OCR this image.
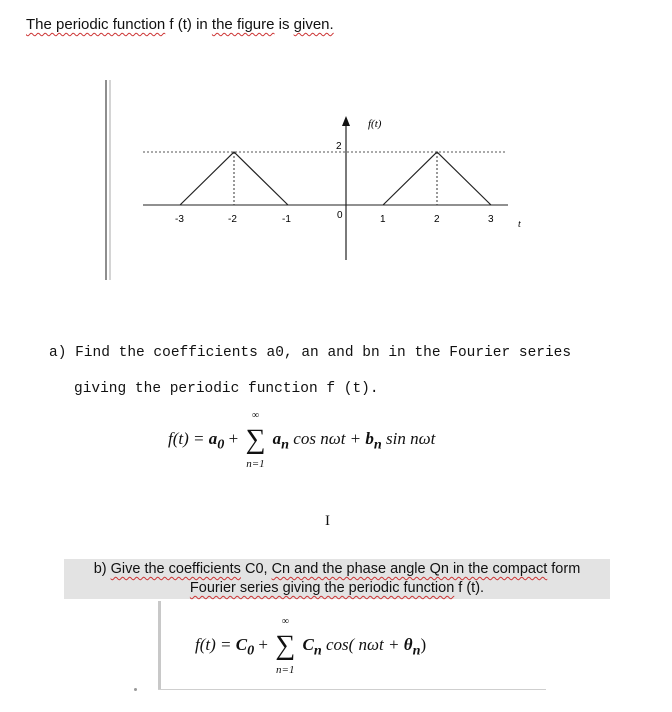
The periodic function f (t) in the figure is given.
f(t)
2
0
t
-3	-2	-1	1	2	3
a) Find the coefficients a0, an and bn in the Fourier series
giving the periodic function f (t).
$f(t) = a_0$ +
∞
∑
n=1
$a_n$ $\cos n\omega t + b_n$ sin nωt
I
b) Give the coefficients C0, Cn and the phase angle Qn in the compact form
Fourier series giving the periodic function f (t).
$f(t) = C_0$ +
∞
∑
n=1
$C_n$ cos( $n\omega t + \theta_n$)
